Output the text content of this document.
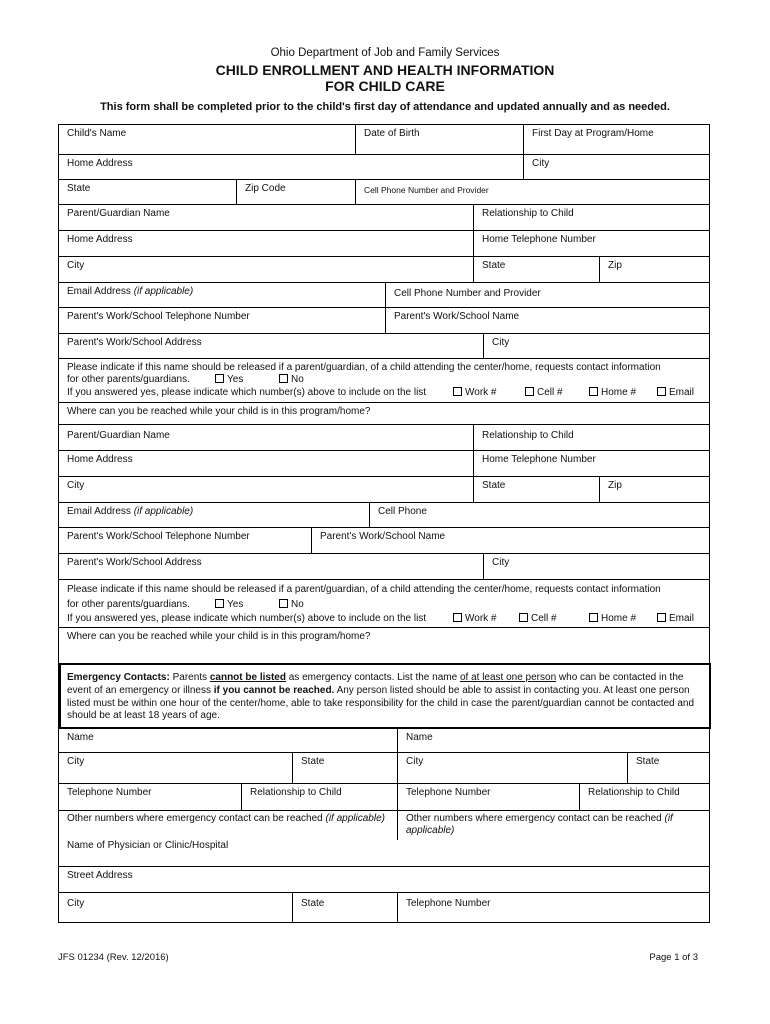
Ohio Department of Job and Family Services
CHILD ENROLLMENT AND HEALTH INFORMATION
FOR CHILD CARE
This form shall be completed prior to the child's first day of attendance and updated annually and as needed.
Child's Name	Date of Birth	First Day at Program/Home
Home Address	City
State	Zip Code	Cell Phone Number and Provider
Parent/Guardian Name	Relationship to Child
Home Address	Home Telephone Number
City	State	Zip
Email Address (if applicable)	Cell Phone Number and Provider
Parent's Work/School Telephone Number	Parent's Work/School Name
Parent's Work/School Address	City
Please indicate if this name should be released if a parent/guardian, of a child attending the center/home, requests contact information
for other parents/guardians.	Yes	No
If you answered yes, please indicate which number(s) above to include on the list	Work #	Cell #	Home #	Email
Where can you be reached while your child is in this program/home?
Parent/Guardian Name	Relationship to Child
Home Address	Home Telephone Number
City	State	Zip
Email Address (if applicable)	Cell Phone
Parent's Work/School Telephone Number	Parent's Work/School Name
Parent's Work/School Address	City
Please indicate if this name should be released if a parent/guardian, of a child attending the center/home, requests contact information
for other parents/guardians.	Yes	No
If you answered yes, please indicate which number(s) above to include on the list	Work #	Cell #	Home #	Email
Where can you be reached while your child is in this program/home?
Emergency Contacts: Parents cannot be listed as emergency contacts. List the name of at least one person who can be contacted in the event of an emergency or illness if you cannot be reached. Any person listed should be able to assist in contacting you. At least one person listed must be within one hour of the center/home, able to take responsibility for the child in case the parent/guardian cannot be contacted and should be at least 18 years of age.
Name	Name
City	State	City	State
Telephone Number	Relationship to Child	Telephone Number	Relationship to Child
Other numbers where emergency contact can be reached (if applicable)	Other numbers where emergency contact can be reached (if applicable)
Name of Physician or Clinic/Hospital
Street Address
City	State	Telephone Number
JFS 01234 (Rev. 12/2016)	Page 1 of 3
